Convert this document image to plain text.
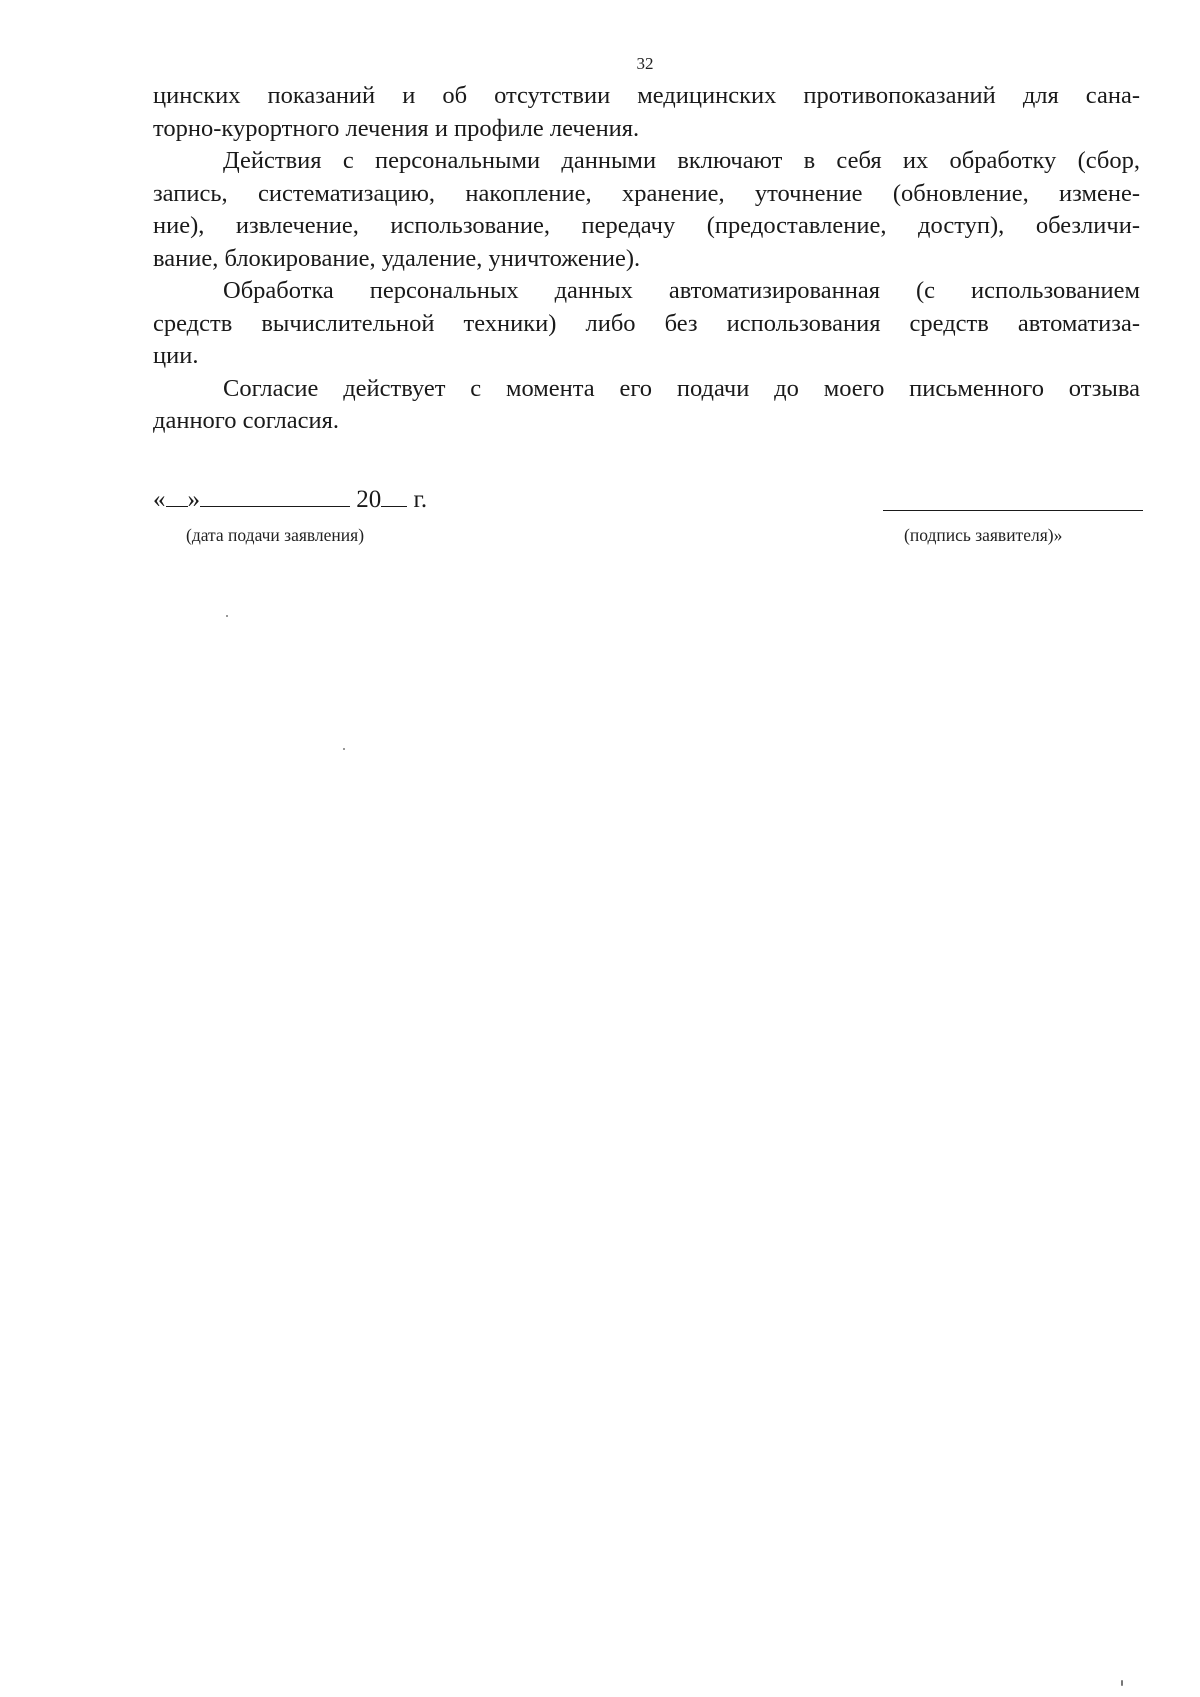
32

цинских показаний и об отсутствии медицинских противопоказаний для сана-
торно-курортного лечения и профиле лечения.

Действия с персональными данными включают в себя их обработку (сбор,
запись, систематизацию, накопление, хранение, уточнение (обновление, измене-
ние), извлечение, использование, передачу (предоставление, доступ), обезличи-
вание, блокирование, удаление, уничтожение).

Обработка персональных данных автоматизированная (с использованием
средств вычислительной техники) либо без использования средств автоматиза-
ции.

Согласие действует с момента его подачи до моего письменного отзыва
данного согласия.

« »	20 г.
(дата подачи заявления)	(подпись заявителя)»
